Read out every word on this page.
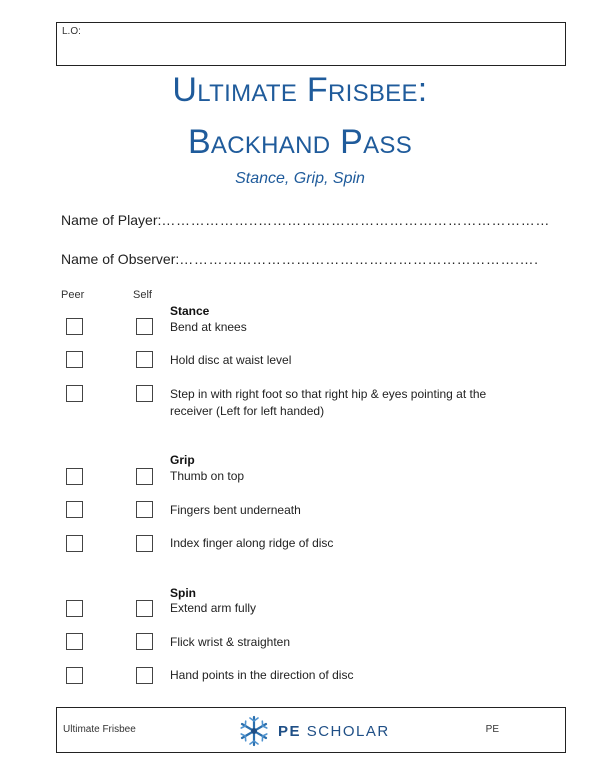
L.O:
Ultimate Frisbee:
Backhand Pass
Stance, Grip, Spin
Name of Player:………………..……………………………………………………
Name of Observer:…………………………………………………………….….
Peer	Self
Stance
Bend at knees
Hold disc at waist level
Step in with right foot so that right hip & eyes pointing at the receiver (Left for left handed)
Grip
Thumb on top
Fingers bent underneath
Index finger along ridge of disc
Spin
Extend arm fully
Flick wrist & straighten
Hand points in the direction of disc
Ultimate Frisbee	PE SCHOLAR	PE
